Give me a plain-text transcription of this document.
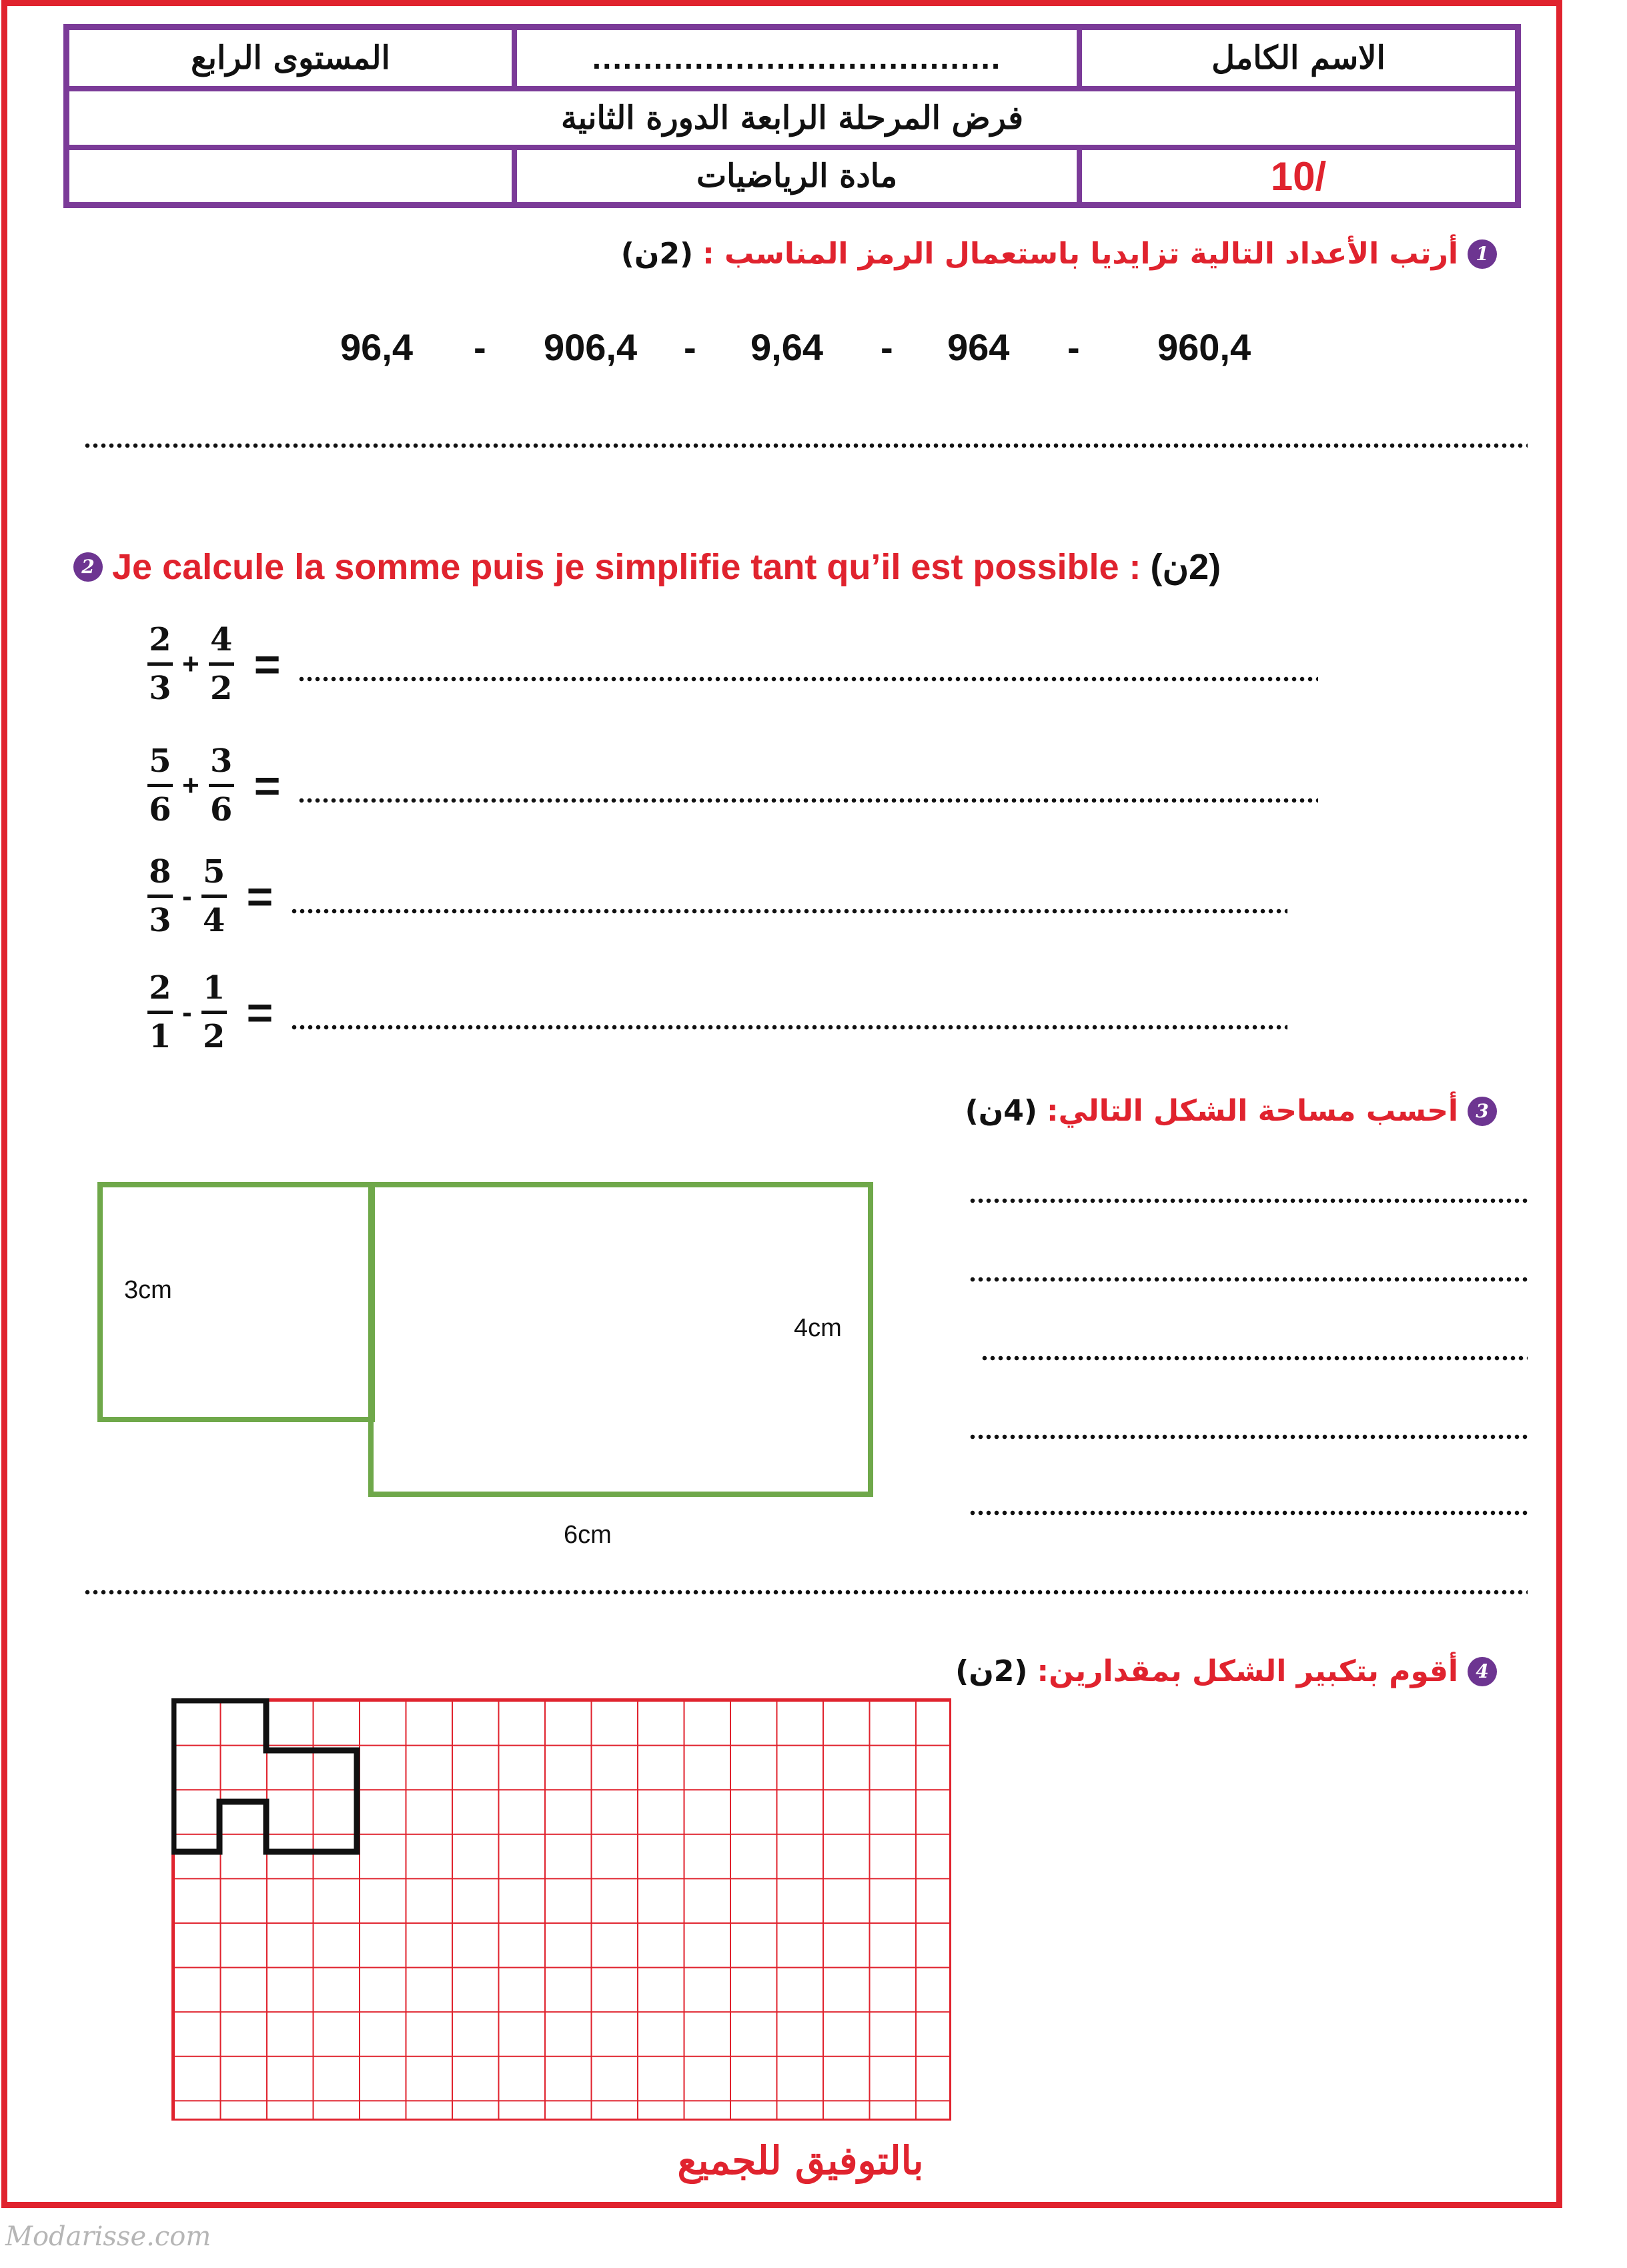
الاسم الكامل
........................................
المستوى الرابع
فرض المرحلة الرابعة الدورة الثانية
10/
مادة الرياضيات
1
أرتب الأعداد التالية تزايديا باستعمال الرمز المناسب :
(2ن)
96,4 - 906,4 - 9,64 - 964 - 960,4
2 Je calcule la somme puis je simplifie tant qu’il est possible : (2ن)
2
3
+
4
2 =
5
6
+
3
6 =
8
3
-
5
4 =
2
1
-
1
2 =
3
أحسب مساحة الشكل التالي:
(4ن)
3cm
4cm
6cm
4
أقوم بتكبير الشكل بمقدارين:
(2ن)
بالتوفيق للجميع
Modarisse.com
